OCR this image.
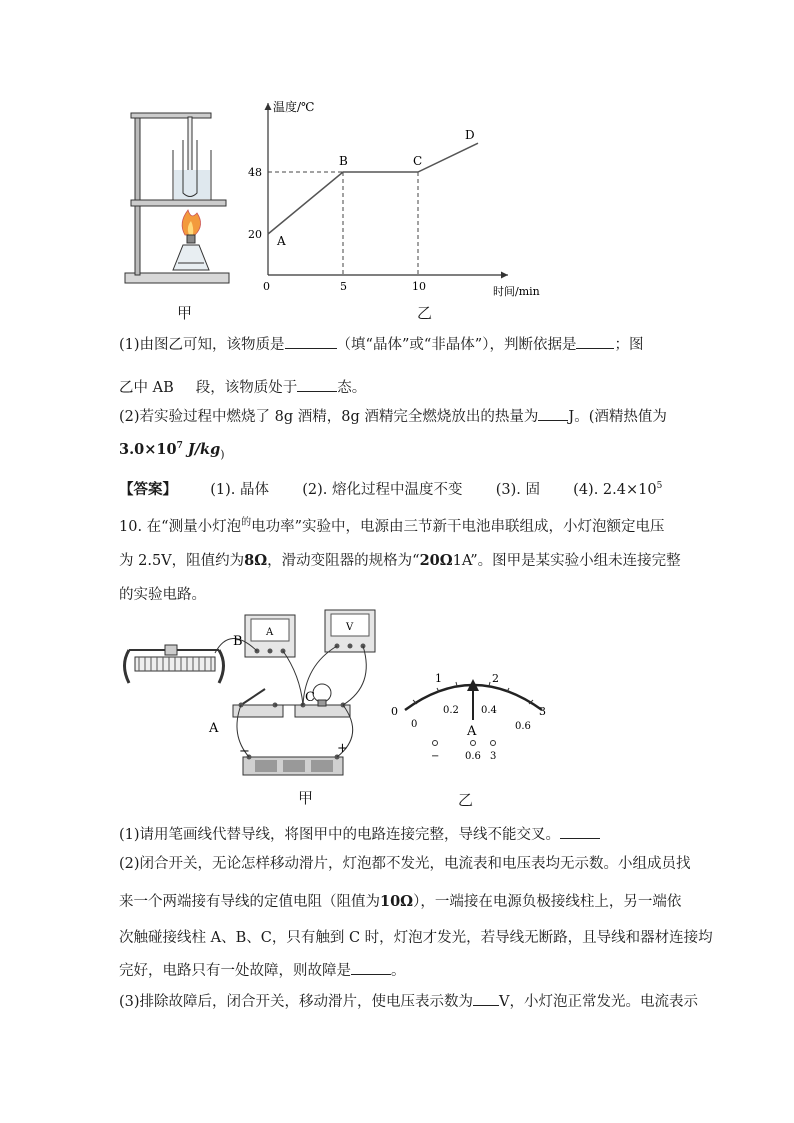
温度/℃
时间/min
0
48
20
5	10
A
B	C
D
甲	乙
(1)由图乙可知，该物质是	（填“晶体”或“非晶体”），判断依据是	；图
乙中 AB 段，该物质处于	态。
(2)若实验过程中燃烧了 8g 酒精，8g 酒精完全燃烧放出的热量为 J。(酒精热值为
$3.0\times 10^7$ $J/kg_)$
【答案】 (1). 晶体 (2). 熔化过程中温度不变 (3). 固 (4). $2.4\times 10^5$
10. 在“测量小灯泡$^的$电功率”实验中，电源由三节新干电池串联组成，小灯泡额定电压
为 2.5V，阻值约为8Ω，滑动变阻器的规格为“20Ω1A”。图甲是某实验小组未连接完整
的实验电路。
A	V
B
C
A
−	+
0
1	2
3
0
0.2 0.4
0.6
A
−	0.6 3
甲	乙
(1)请用笔画线代替导线，将图甲中的电路连接完整，导线不能交叉。
(2)闭合开关，无论怎样移动滑片，灯泡都不发光，电流表和电压表均无示数。小组成员找
来一个两端接有导线的定值电阻（阻值为10Ω），一端接在电源负极接线柱上，另一端依
次触碰接线柱 A、B、C，只有触到 C 时，灯泡才发光，若导线无断路，且导线和器材连接均
完好，电路只有一处故障，则故障是	。
(3)排除故障后，闭合开关，移动滑片，使电压表示数为 V，小灯泡正常发光。电流表示
